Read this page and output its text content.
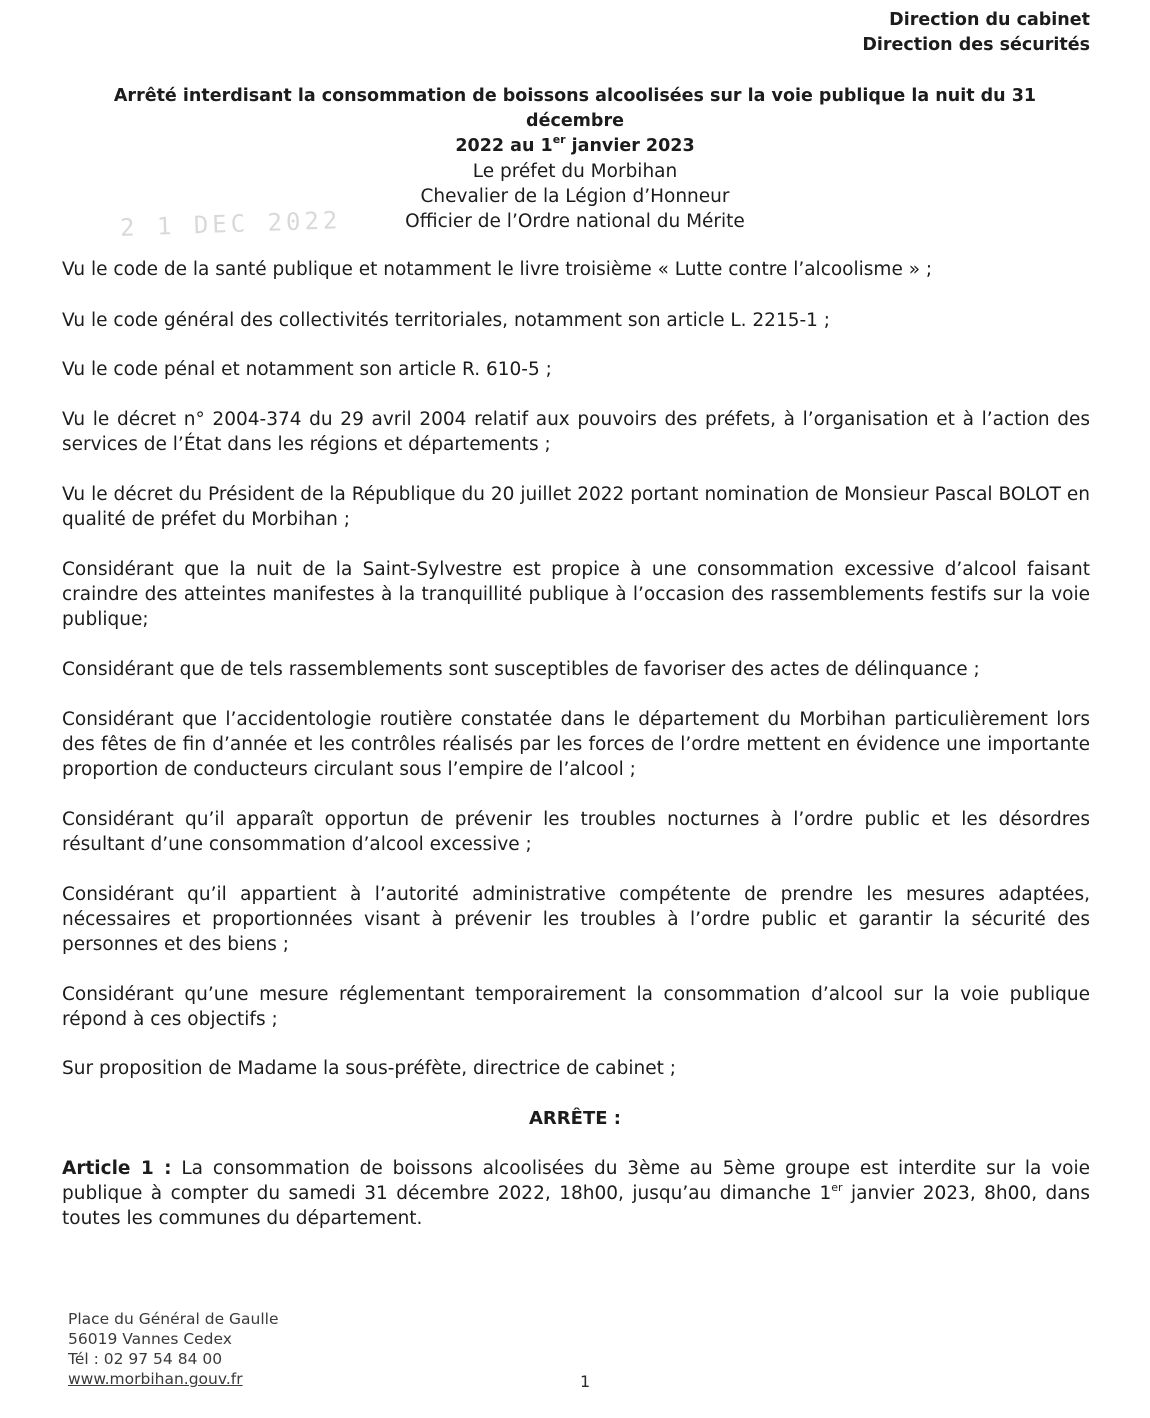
Direction du cabinet
Direction des sécurités
Arrêté interdisant la consommation de boissons alcoolisées sur la voie publique la nuit du 31 décembre
2022 au 1er janvier 2023
Le préfet du Morbihan
Chevalier de la Légion d’Honneur
Officier de l’Ordre national du Mérite
2 1 DEC 2022

Vu le code de la santé publique et notamment le livre troisième « Lutte contre l’alcoolisme » ;

Vu le code général des collectivités territoriales, notamment son article L. 2215-1 ;

Vu le code pénal et notamment son article R. 610-5 ;

Vu le décret n° 2004-374 du 29 avril 2004 relatif aux pouvoirs des préfets, à l’organisation et à l’action des services de l’État dans les régions et départements ;

Vu le décret du Président de la République du 20 juillet 2022 portant nomination de Monsieur Pascal BOLOT en qualité de préfet du Morbihan ;

Considérant que la nuit de la Saint-Sylvestre est propice à une consommation excessive d’alcool faisant craindre des atteintes manifestes à la tranquillité publique à l’occasion des rassemblements festifs sur la voie publique;

Considérant que de tels rassemblements sont susceptibles de favoriser des actes de délinquance ;

Considérant que l’accidentologie routière constatée dans le département du Morbihan particulièrement lors des fêtes de fin d’année et les contrôles réalisés par les forces de l’ordre mettent en évidence une importante proportion de conducteurs circulant sous l’empire de l’alcool ;

Considérant qu’il apparaît opportun de prévenir les troubles nocturnes à l’ordre public et les désordres résultant d’une consommation d’alcool excessive ;

Considérant qu’il appartient à l’autorité administrative compétente de prendre les mesures adaptées, nécessaires et proportionnées visant à prévenir les troubles à l’ordre public et garantir la sécurité des personnes et des biens ;

Considérant qu’une mesure réglementant temporairement la consommation d’alcool sur la voie publique répond à ces objectifs ;

Sur proposition de Madame la sous-préfète, directrice de cabinet ;

ARRÊTE :

Article 1 : La consommation de boissons alcoolisées du 3ème au 5ème groupe est interdite sur la voie publique à compter du samedi 31 décembre 2022, 18h00, jusqu’au dimanche 1er janvier 2023, 8h00, dans toutes les communes du département.

Place du Général de Gaulle
56019 Vannes Cedex
Tél : 02 97 54 84 00
www.morbihan.gouv.fr	1
